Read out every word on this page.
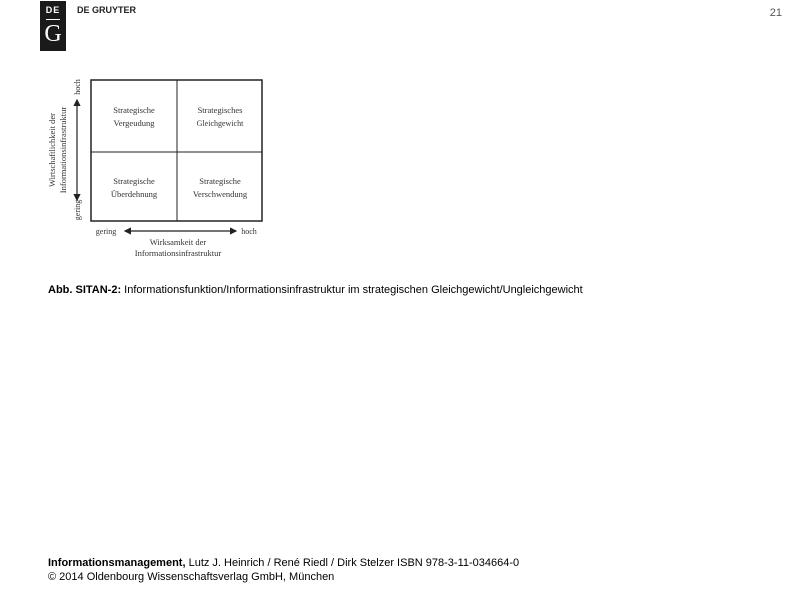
DE
G
DE GRUYTER	21
Strategische
Vergeudung
Strategisches
Gleichgewicht
Strategische
Überdehnung
Strategische
Verschwendung
hoch
gering
Wirtschaftlichkeit der Informationsinfrastruktur
gering	hoch
Wirksamkeit der
Informationsinfrastruktur
Abb. SITAN-2: Informationsfunktion/Informationsinfrastruktur im strategischen Gleichgewicht/Ungleichgewicht
Informationsmanagement, Lutz J. Heinrich / René Riedl / Dirk Stelzer ISBN 978-3-11-034664-0
© 2014 Oldenbourg Wissenschaftsverlag GmbH, München
